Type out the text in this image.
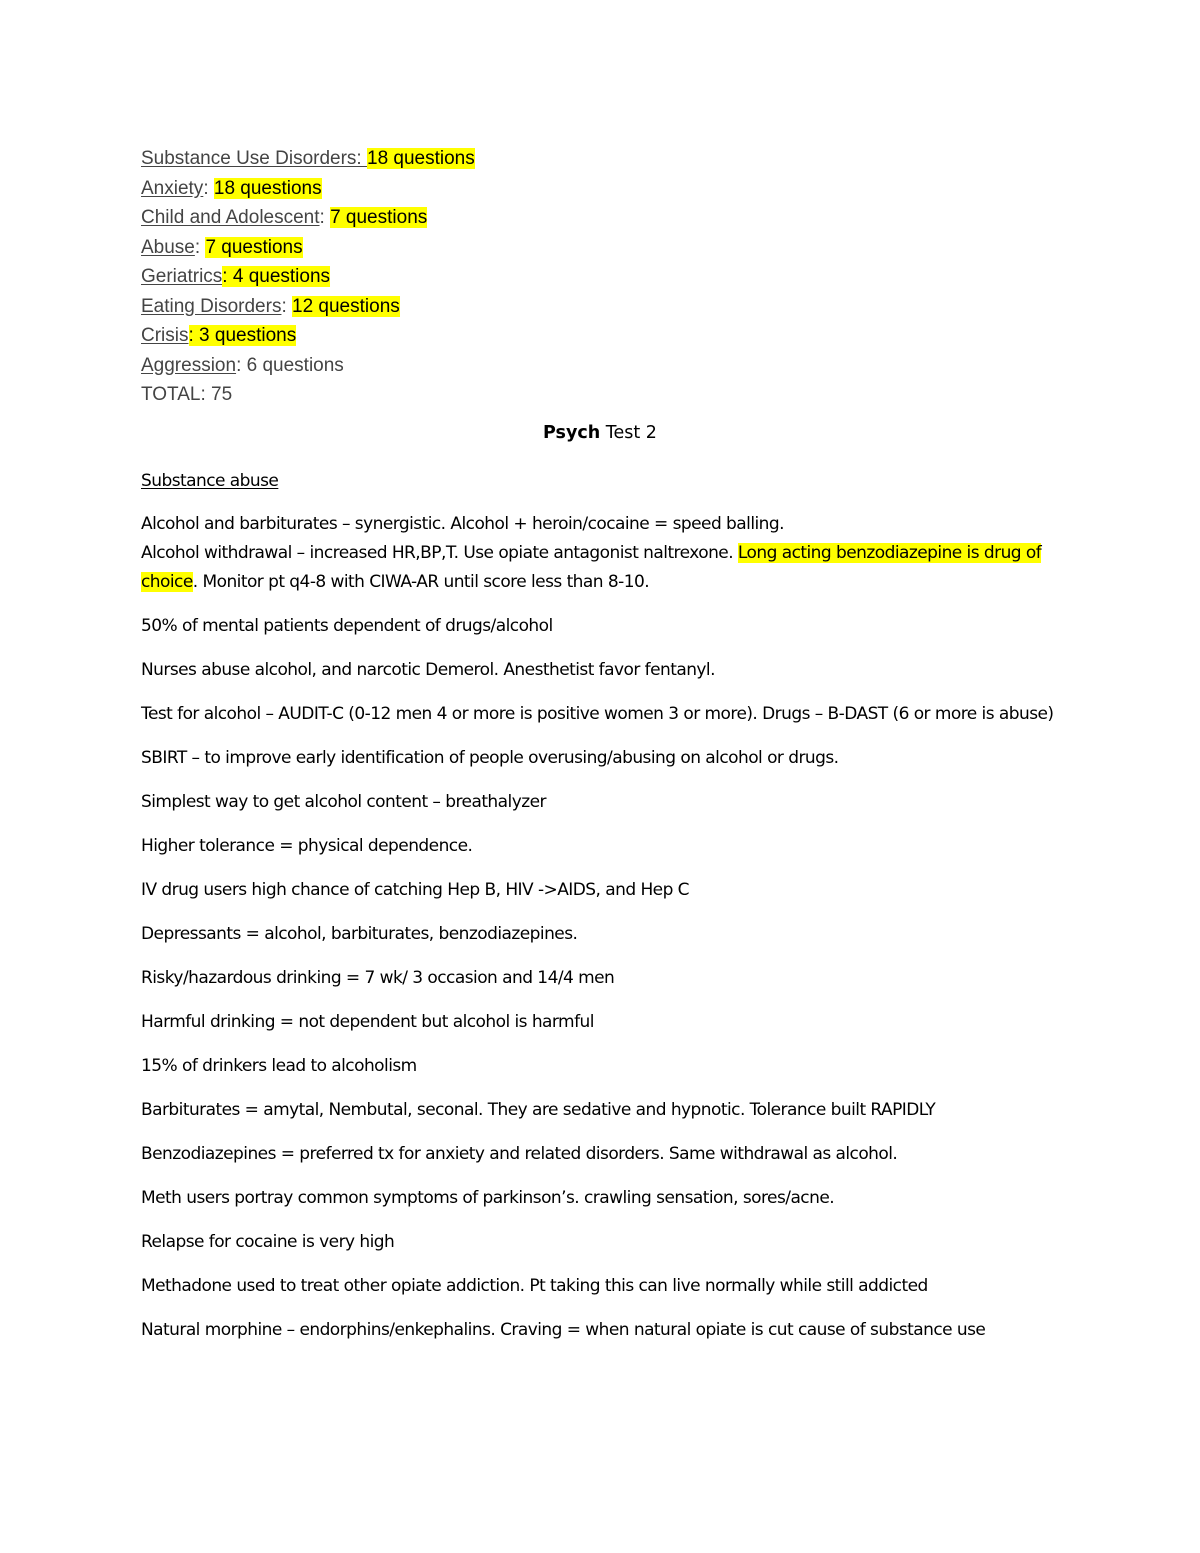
Substance Use Disorders: 18 questions
Anxiety: 18 questions
Child and Adolescent: 7 questions
Abuse: 7 questions
Geriatrics: 4 questions
Eating Disorders: 12 questions
Crisis: 3 questions
Aggression: 6 questions
TOTAL: 75
Psych Test 2

Substance abuse

Alcohol and barbiturates – synergistic. Alcohol + heroin/cocaine = speed balling.

Alcohol withdrawal – increased HR,BP,T. Use opiate antagonist naltrexone. Long acting benzodiazepine is drug of choice. Monitor pt q4-8 with CIWA-AR until score less than 8-10.

50% of mental patients dependent of drugs/alcohol

Nurses abuse alcohol, and narcotic Demerol. Anesthetist favor fentanyl.

Test for alcohol – AUDIT-C (0-12 men 4 or more is positive women 3 or more). Drugs – B-DAST (6 or more is abuse)

SBIRT – to improve early identification of people overusing/abusing on alcohol or drugs.

Simplest way to get alcohol content – breathalyzer

Higher tolerance = physical dependence.

IV drug users high chance of catching Hep B, HIV ->AIDS, and Hep C

Depressants = alcohol, barbiturates, benzodiazepines.

Risky/hazardous drinking = 7 wk/ 3 occasion and 14/4 men

Harmful drinking = not dependent but alcohol is harmful

15% of drinkers lead to alcoholism

Barbiturates = amytal, Nembutal, seconal. They are sedative and hypnotic. Tolerance built RAPIDLY

Benzodiazepines = preferred tx for anxiety and related disorders. Same withdrawal as alcohol.

Meth users portray common symptoms of parkinson’s. crawling sensation, sores/acne.

Relapse for cocaine is very high

Methadone used to treat other opiate addiction. Pt taking this can live normally while still addicted

Natural morphine – endorphins/enkephalins. Craving = when natural opiate is cut cause of substance use
